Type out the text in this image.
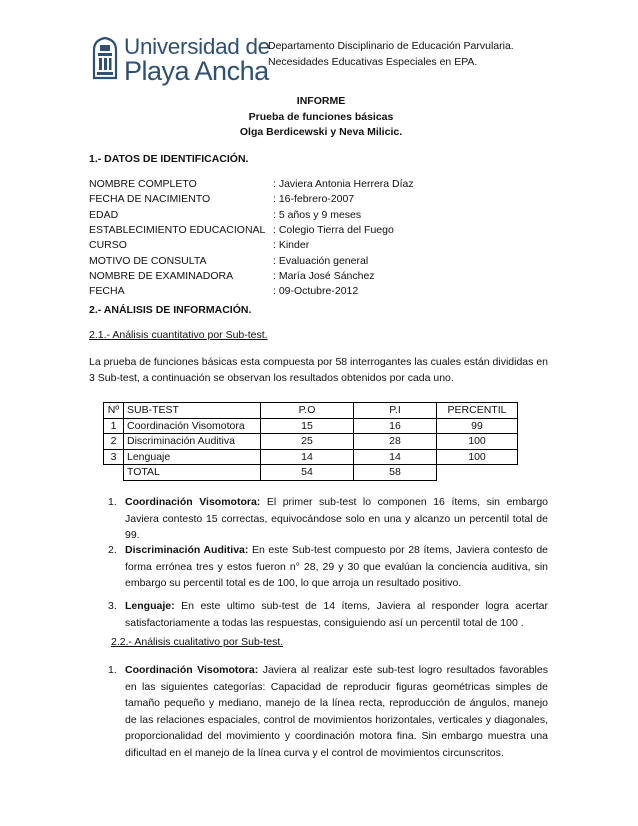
Universidad de
Playa Ancha
Departamento Disciplinario de Educación Parvularia.
Necesidades Educativas Especiales en EPA.
INFORME
Prueba de funciones básicas
Olga Berdicewski y Neva Milicic.
1.- DATOS DE IDENTIFICACIÓN.
NOMBRE COMPLETO	: Javiera Antonia Herrera Díaz
FECHA DE NACIMIENTO	: 16-febrero-2007
EDAD	: 5 años y 9 meses
ESTABLECIMIENTO EDUCACIONAL : Colegio Tierra del Fuego
CURSO	: Kinder
MOTIVO DE CONSULTA	: Evaluación general
NOMBRE DE EXAMINADORA	: María José Sánchez
FECHA	: 09-Octubre-2012
2.- ANÁLISIS DE INFORMACIÓN.
2.1.- Análisis cuantitativo por Sub-test.
La prueba de funciones básicas esta compuesta por 58 interrogantes las cuales están divididas en 3 Sub-test, a continuación se observan los resultados obtenidos por cada uno.
Nº	SUB-TEST	P.O	P.I	PERCENTIL
1	Coordinación Visomotora	15	16	99
2	Discriminación Auditiva	25	28	100
3	Lenguaje	14	14	100
	TOTAL	54	58	
1. Coordinación Visomotora: El primer sub-test lo componen 16 ítems, sin embargo Javiera contesto 15 correctas, equivocándose solo en una y alcanzo un percentil total de 99.
2. Discriminación Auditiva: En este Sub-test compuesto por 28 ítems, Javiera contesto de forma errónea tres y estos fueron n° 28, 29 y 30 que evalúan la conciencia auditiva, sin embargo su percentil total es de 100, lo que arroja un resultado positivo.
3. Lenguaje: En este ultimo sub-test de 14 ítems, Javiera al responder logra acertar satisfactoriamente a todas las respuestas, consiguiendo así un percentil total de 100 .
2.2.- Análisis cualitativo por Sub-test.
1. Coordinación Visomotora: Javiera al realizar este sub-test logro resultados favorables en las siguientes categorías: Capacidad de reproducir figuras geométricas simples de tamaño pequeño y mediano, manejo de la línea recta, reproducción de ángulos, manejo de las relaciones espaciales, control de movimientos horizontales, verticales y diagonales, proporcionalidad del movimiento y coordinación motora fina. Sin embargo muestra una dificultad en el manejo de la línea curva y el control de movimientos circunscritos.
